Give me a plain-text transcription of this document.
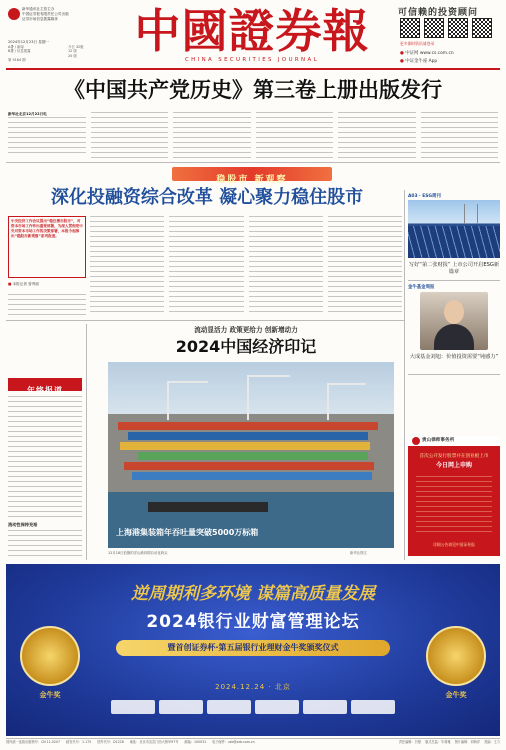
新华通讯社主管主办
中国证券报有限责任公司出版
证券市场信息披露媒体
2024年12月23日 星期一
A叠 / 新闻	今日 32版
B叠 / 信息披露	12 版
20 版
第 9164 期
中國證券報
CHINA SECURITIES JOURNAL
可信赖的投资顾问
更多即时资讯请登录
● 中证网 www.cs.com.cn
● 中证金牛座 App
《中国共产党历史》第三卷上册出版发行
新华社北京12月22日电
稳股市 新观察
深化投融资综合改革 凝心聚力稳住股市
中央经济工作会议提出“稳住楼市股市”，对资本市场工作作出重要部署，为深入贯彻党中央对资本市场工作的决策部署，本报今起推出“稳股市新观察”系列报道。
■ 本报记者 昝秀丽
A03 · ESG周刊
写好“第二张财报” 上市公司开启ESG新篇章
金牛基金周报
大成基金刘旭：价值投资需要“钝感力”
贵山律师事务所
首次公开发行股票并在创业板上市
今日网上申购
详细公告请见中国证券报
年终报道
流动性保持充裕
流动显活力 政策更给力 创新增动力
2024中国经济印记
上海港集装箱年吞吐量突破5000万标箱
12月18日拍摄的洋山港四期自动化码头	新华社图文
逆周期利多环境 谋篇高质量发展
2024银行业财富管理论坛
暨首创证券杯·第五届银行业理财金牛奖颁奖仪式
2024.12.24 · 北京
金牛奖	金牛奖
国内统一连续出版物号：CN 11-0207 邮发代号：1-175 国外代号：D1228 地址：北京市宣武门西大街甲97号 邮编：100031 电子邮件：zzb@zzb.com.cn	责任编辑：吕强 版式总监：毕莉雅 图片编辑：刘海洋 美编：王力
